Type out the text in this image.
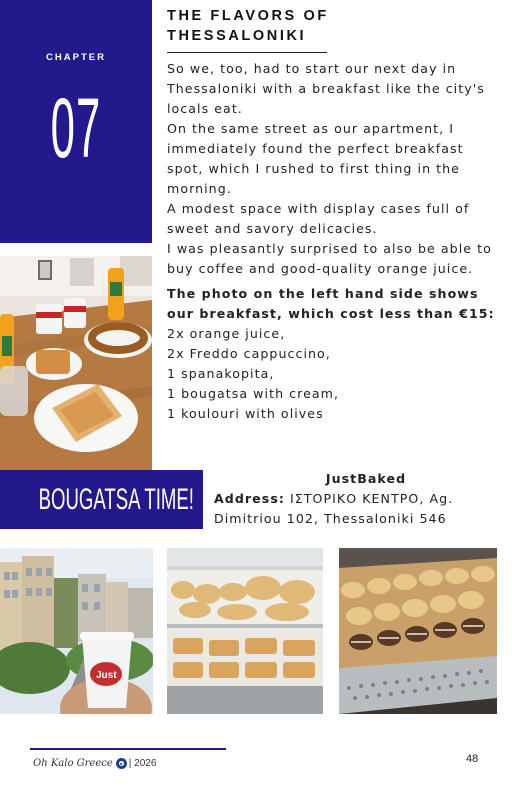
CHAPTER
07
THE FLAVORS OF
THESSALONIKI

So we, too, had to start our next day in Thessaloniki with a breakfast like the city's locals eat.

On the same street as our apartment, I immediately found the perfect breakfast spot, which I rushed to first thing in the morning.

A modest space with display cases full of sweet and savory delicacies.

I was pleasantly surprised to also be able to buy coffee and good-quality orange juice.

The photo on the left hand side shows our breakfast, which cost less than €15:

2x orange juice,

2x Freddo cappuccino,

1 spanakopita,

1 bougatsa with cream,

1 koulouri with olives

BOUGATSA TIME!
JustBaked
Address: ΙΣΤΟΡΙΚΟ ΚΕΝΤΡΟ, Ag. Dimitriou 102, Thessaloniki 546
Just
Oh Kalo Greece | 2026	48
